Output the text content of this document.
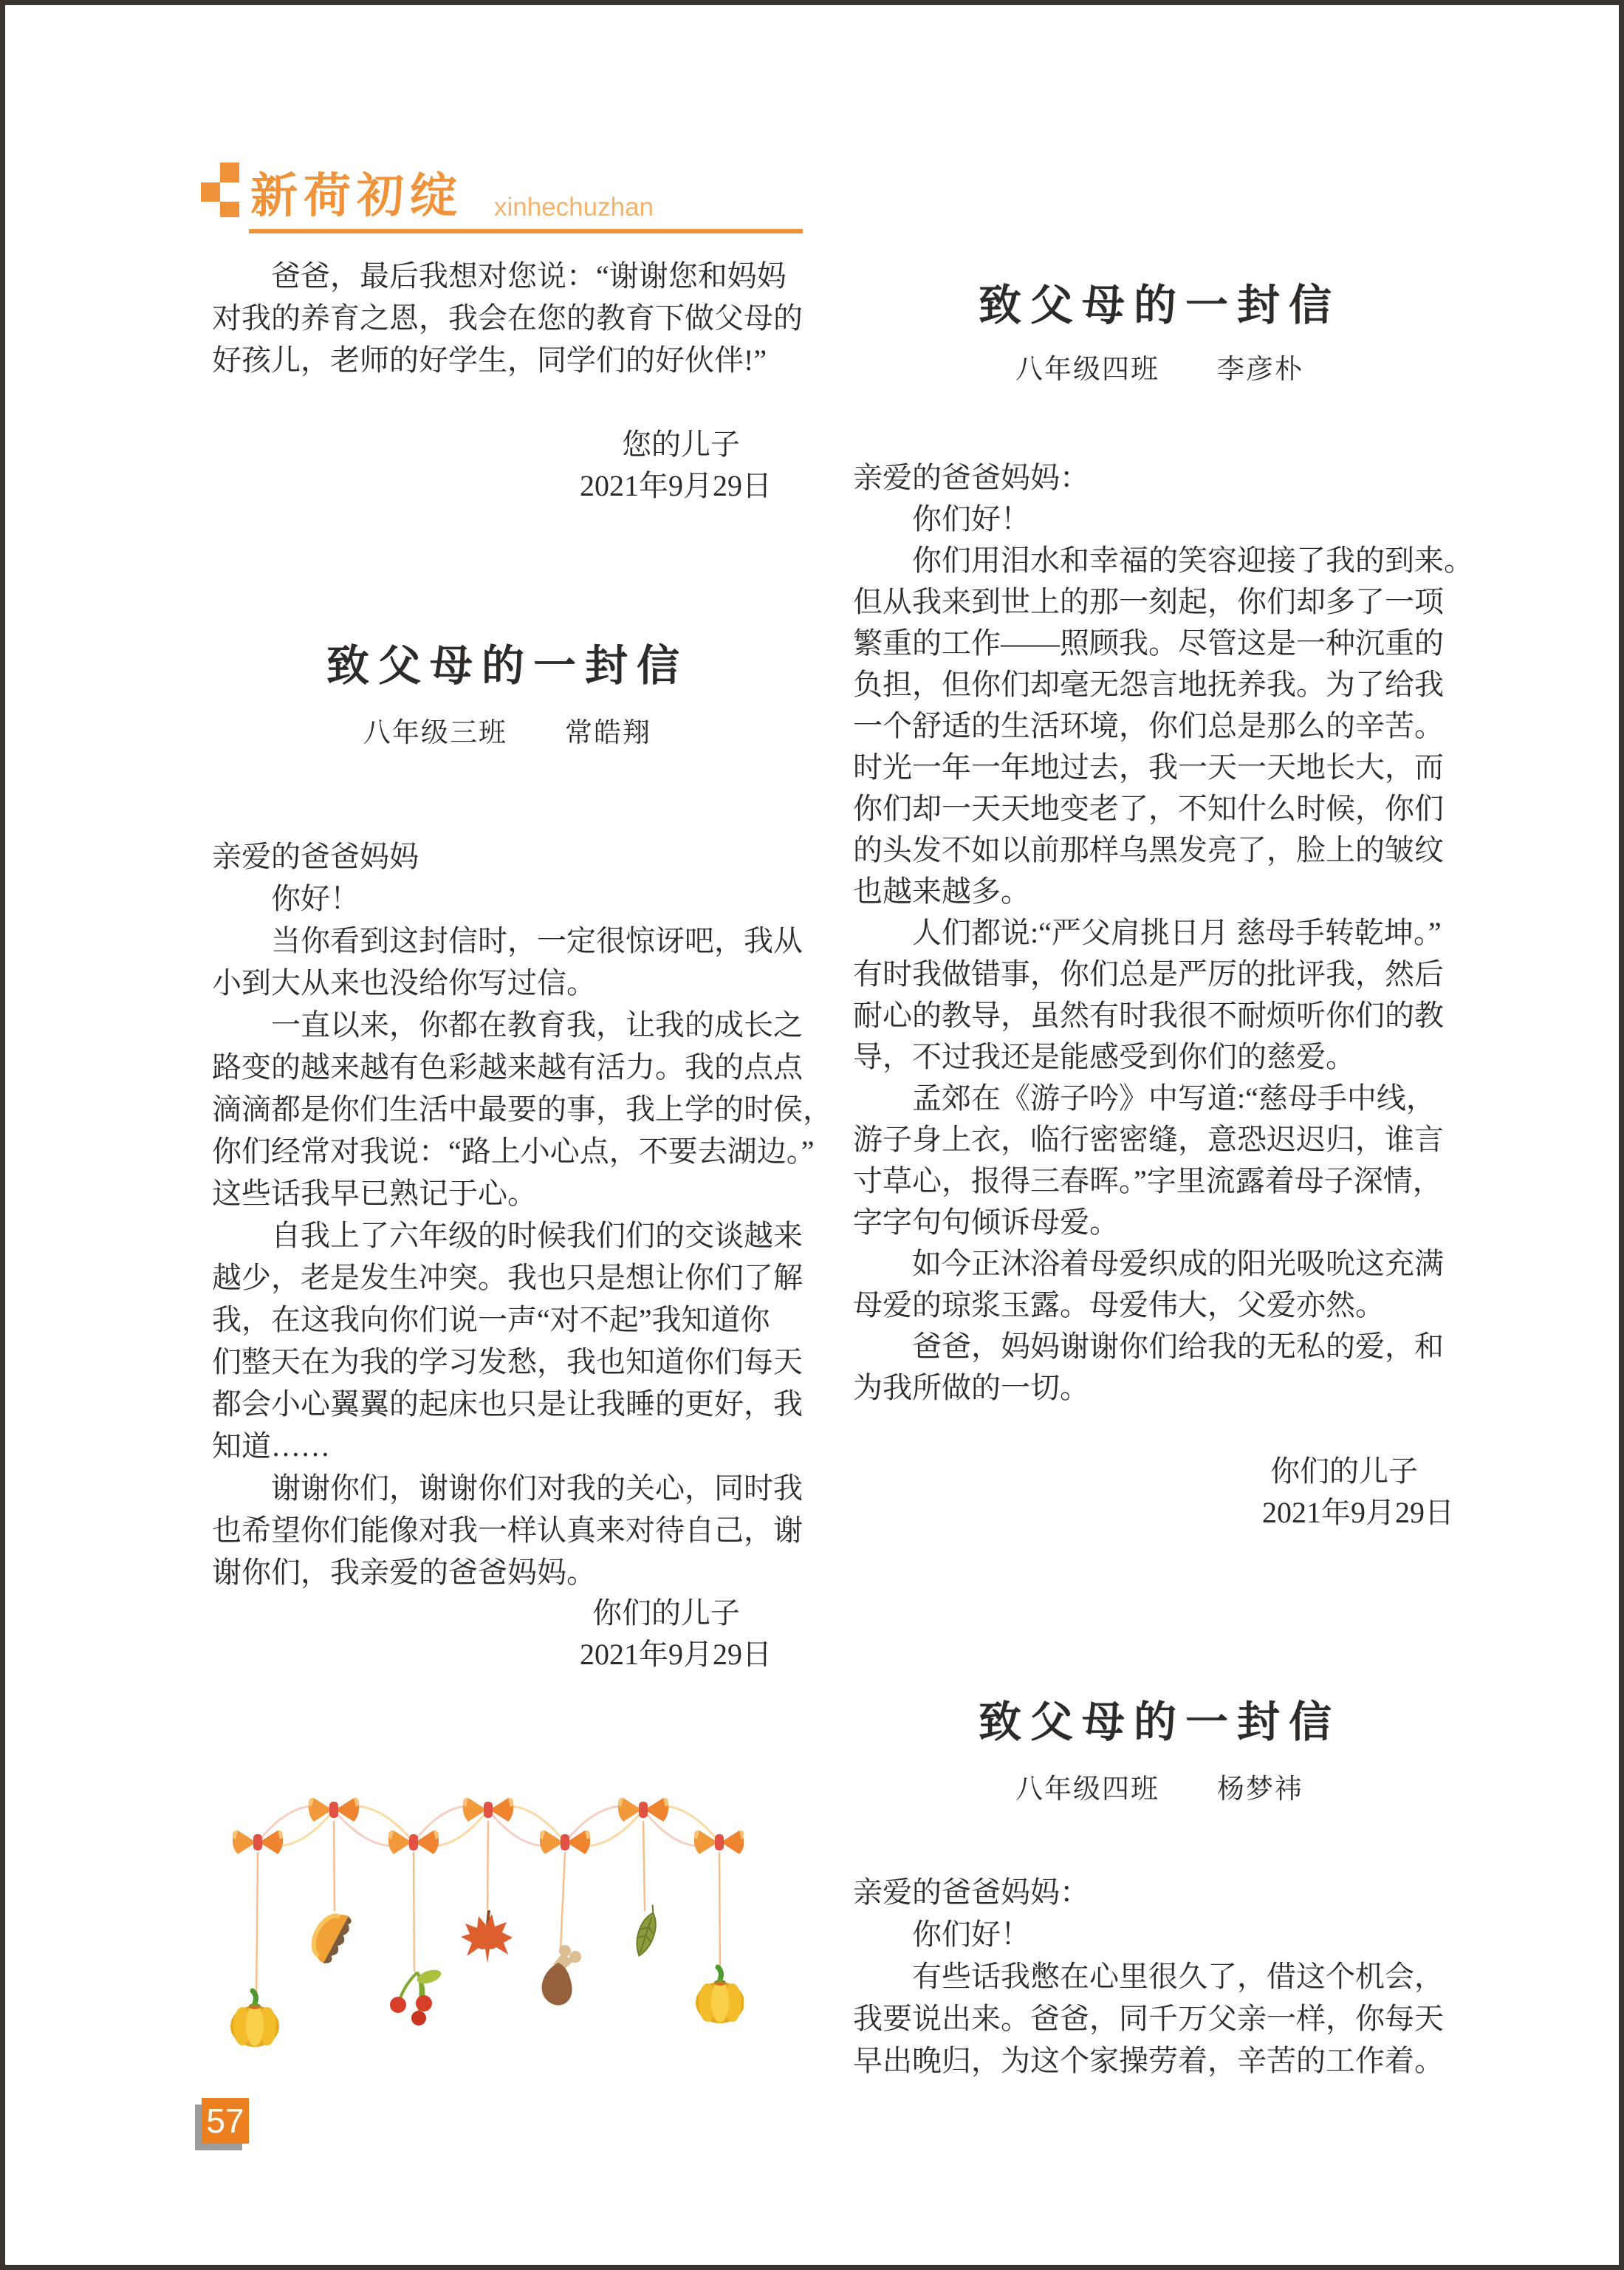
新荷初绽 xinhechuzhan
　　爸爸，最后我想对您说：“谢谢您和妈妈
对我的养育之恩，我会在您的教育下做父母的
好孩儿，老师的好学生，同学们的好伙伴!”
您的儿子
2021年9月29日
致父母的一封信
八年级三班　　常皓翔
亲爱的爸爸妈妈
　　你好！
　　当你看到这封信时，一定很惊讶吧，我从
小到大从来也没给你写过信。
　　一直以来，你都在教育我，让我的成长之
路变的越来越有色彩越来越有活力。我的点点
滴滴都是你们生活中最要的事，我上学的时侯，
你们经常对我说：“路上小心点，不要去湖边。”
这些话我早已熟记于心。
　　自我上了六年级的时候我们们的交谈越来
越少，老是发生冲突。我也只是想让你们了解
我，在这我向你们说一声“对不起”我知道你
们整天在为我的学习发愁，我也知道你们每天
都会小心翼翼的起床也只是让我睡的更好，我
知道……
　　谢谢你们，谢谢你们对我的关心，同时我
也希望你们能像对我一样认真来对待自己，谢
谢你们，我亲爱的爸爸妈妈。
你们的儿子
2021年9月29日
致父母的一封信
八年级四班　　李彦朴
亲爱的爸爸妈妈：
　　你们好！
　　你们用泪水和幸福的笑容迎接了我的到来。
但从我来到世上的那一刻起，你们却多了一项
繁重的工作——照顾我。尽管这是一种沉重的
负担，但你们却毫无怨言地抚养我。为了给我
一个舒适的生活环境，你们总是那么的辛苦。
时光一年一年地过去，我一天一天地长大，而
你们却一天天地变老了，不知什么时候，你们
的头发不如以前那样乌黑发亮了，脸上的皱纹
也越来越多。
　　人们都说:“严父肩挑日月 慈母手转乾坤。”
有时我做错事，你们总是严厉的批评我，然后
耐心的教导，虽然有时我很不耐烦听你们的教
导，不过我还是能感受到你们的慈爱。
　　孟郊在《游子吟》中写道:“慈母手中线，
游子身上衣，临行密密缝，意恐迟迟归，谁言
寸草心，报得三春晖。”字里流露着母子深情，
字字句句倾诉母爱。
　　如今正沐浴着母爱织成的阳光吸吮这充满
母爱的琼浆玉露。母爱伟大，父爱亦然。
　　爸爸，妈妈谢谢你们给我的无私的爱，和
为我所做的一切。
你们的儿子
2021年9月29日
致父母的一封信
八年级四班　　杨梦祎
亲爱的爸爸妈妈：
　　你们好！
　　有些话我憋在心里很久了，借这个机会，
我要说出来。爸爸，同千万父亲一样，你每天
早出晚归，为这个家操劳着，辛苦的工作着。
57
